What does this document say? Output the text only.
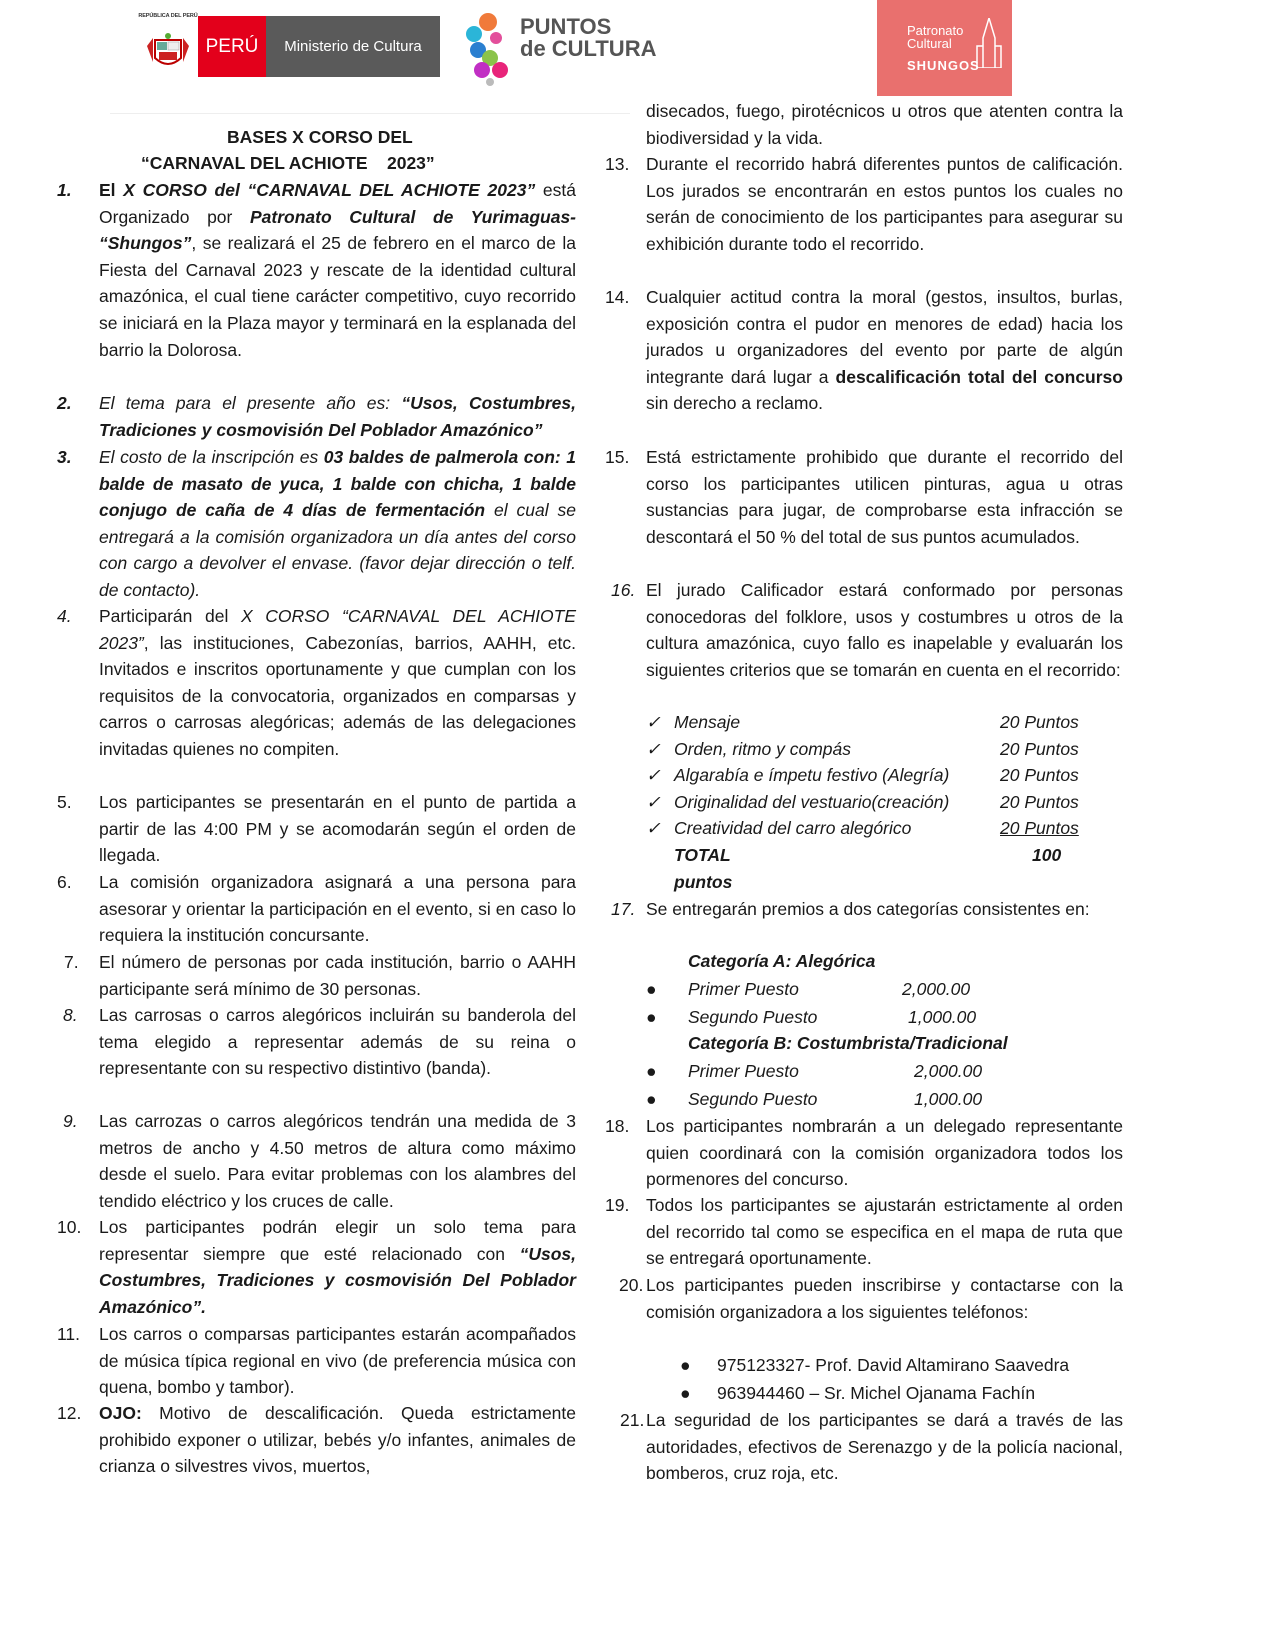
REPÚBLICA DEL PERÚ
PERÚ	Ministerio de Cultura
PUNTOS
de CULTURA
Patronato
Cultural
SHUNGOS
BASES X CORSO DEL
“CARNAVAL DEL ACHIOTE    2023”
1. El X CORSO del “CARNAVAL DEL ACHIOTE 2023” está Organizado por Patronato Cultural de Yurimaguas- “Shungos”, se realizará el 25 de febrero en el marco de la Fiesta del Carnaval 2023 y rescate de la identidad cultural amazónica, el cual tiene carácter competitivo, cuyo recorrido se iniciará en la Plaza mayor y terminará en la esplanada del barrio la Dolorosa.
2. El tema para el presente año es: “Usos, Costumbres, Tradiciones y cosmovisión Del Poblador Amazónico”
3. El costo de la inscripción es 03 baldes de palmerola con: 1 balde de masato de yuca, 1 balde con chicha, 1 balde conjugo de caña de 4 días de fermentación el cual se entregará a la comisión organizadora un día antes del corso con cargo a devolver el envase. (favor dejar dirección o telf. de contacto).
4. Participarán del X CORSO “CARNAVAL DEL ACHIOTE 2023”, las instituciones, Cabezonías, barrios, AAHH, etc. Invitados e inscritos oportunamente y que cumplan con los requisitos de la convocatoria, organizados en comparsas y carros o carrosas alegóricas; además de las delegaciones invitadas quienes no compiten.
5. Los participantes se presentarán en el punto de partida a partir de las 4:00 PM y se acomodarán según el orden de llegada.
6. La comisión organizadora asignará a una persona para asesorar y orientar la participación en el evento, si en caso lo requiera la institución concursante.
7. El número de personas por cada institución, barrio o AAHH participante será mínimo de 30 personas.
8. Las carrosas o carros alegóricos incluirán su banderola del tema elegido a representar además de su reina o representante con su respectivo distintivo (banda).
9. Las carrozas o carros alegóricos tendrán una medida de 3 metros de ancho y 4.50 metros de altura como máximo desde el suelo. Para evitar problemas con los alambres del tendido eléctrico y los cruces de calle.
10. Los participantes podrán elegir un solo tema para representar siempre que esté relacionado con “Usos, Costumbres, Tradiciones y cosmovisión Del Poblador Amazónico”.
11. Los carros o comparsas participantes estarán acompañados de música típica regional en vivo (de preferencia música con quena, bombo y tambor).
12. OJO: Motivo de descalificación. Queda estrictamente prohibido exponer o utilizar, bebés y/o infantes, animales de crianza o silvestres vivos, muertos,
disecados, fuego, pirotécnicos u otros que atenten contra la biodiversidad y la vida.
13. Durante el recorrido habrá diferentes puntos de calificación. Los jurados se encontrarán en estos puntos los cuales no serán de conocimiento de los participantes para asegurar su exhibición durante todo el recorrido.
14. Cualquier actitud contra la moral (gestos, insultos, burlas, exposición contra el pudor en menores de edad) hacia los jurados u organizadores del evento por parte de algún integrante dará lugar a descalificación total del concurso sin derecho a reclamo.
15. Está estrictamente prohibido que durante el recorrido del corso los participantes utilicen pinturas, agua u otras sustancias para jugar, de comprobarse esta infracción se descontará el 50 % del total de sus puntos acumulados.
16. El jurado Calificador estará conformado por personas conocedoras del folklore, usos y costumbres u otros de la cultura amazónica, cuyo fallo es inapelable y evaluarán los siguientes criterios que se tomarán en cuenta en el recorrido:
17. Se entregarán premios a dos categorías consistentes en:
18. Los participantes nombrarán a un delegado representante quien coordinará con la comisión organizadora todos los pormenores del concurso.
19. Todos los participantes se ajustarán estrictamente al orden del recorrido tal como se especifica en el mapa de ruta que se entregará oportunamente.
20. Los participantes pueden inscribirse y contactarse con la comisión organizadora a los siguientes teléfonos:
21. La seguridad de los participantes se dará a través de las autoridades, efectivos de Serenazgo y de la policía nacional, bomberos, cruz roja, etc.
✓ Mensaje	20 Puntos
✓ Orden, ritmo y compás	20 Puntos
✓ Algarabía e ímpetu festivo (Alegría)	20 Puntos
✓ Originalidad del vestuario(creación)	20 Puntos
✓ Creatividad del carro alegórico	20 Puntos
TOTAL	100
puntos
Categoría A: Alegórica
● Primer Puesto	2,000.00
● Segundo Puesto	1,000.00
Categoría B: Costumbrista/Tradicional
● Primer Puesto	2,000.00
● Segundo Puesto	1,000.00
● 975123327- Prof. David Altamirano Saavedra
● 963944460 – Sr. Michel Ojanama Fachín
